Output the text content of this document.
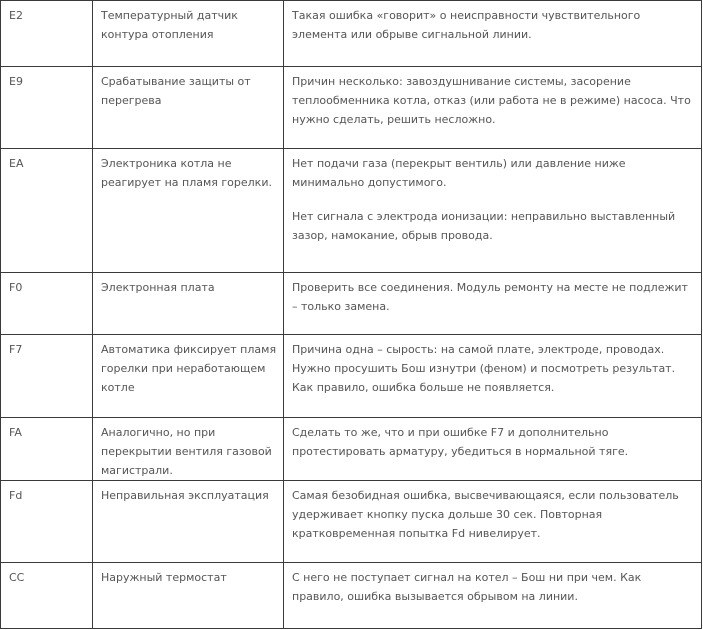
E2	Температурный датчик контура отопления	Такая ошибка «говорит» о неисправности чувствительного элемента или обрыве сигнальной линии.

E9	Срабатывание защиты от перегрева	Причин несколько: завоздушнивание системы, засорение теплообменника котла, отказ (или работа не в режиме) насоса. Что нужно сделать, решить несложно.

EA	Электроника котла не реагирует на пламя горелки.	Нет подачи газа (перекрыт вентиль) или давление ниже минимально допустимого.
Нет сигнала с электрода ионизации: неправильно выставленный зазор, намокание, обрыв провода.

F0	Электронная плата	Проверить все соединения. Модуль ремонту на месте не подлежит – только замена.

F7	Автоматика фиксирует пламя горелки при неработающем котле	Причина одна – сырость: на самой плате, электроде, проводах. Нужно просушить Бош изнутри (феном) и посмотреть результат. Как правило, ошибка больше не появляется.

FA	Аналогично, но при перекрытии вентиля газовой магистрали.	Сделать то же, что и при ошибке F7 и дополнительно протестировать арматуру, убедиться в нормальной тяге.

Fd	Неправильная эксплуатация	Самая безобидная ошибка, высвечивающаяся, если пользователь удерживает кнопку пуска дольше 30 сек. Повторная кратковременная попытка Fd нивелирует.

CC	Наружный термостат	С него не поступает сигнал на котел – Бош ни при чем. Как правило, ошибка вызывается обрывом на линии.
